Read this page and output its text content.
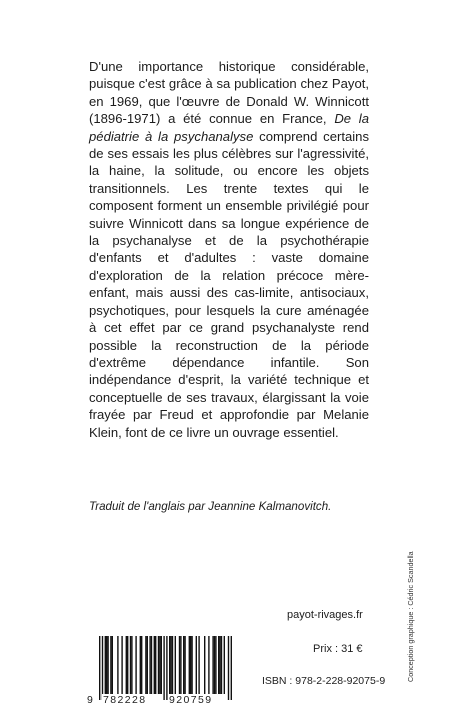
D'une importance historique considérable, puisque c'est grâce à sa publication chez Payot, en 1969, que l'œuvre de Donald W. Winnicott (1896-1971) a été connue en France, De la pédiatrie à la psychanalyse comprend certains de ses essais les plus célèbres sur l'agressivité, la haine, la solitude, ou encore les objets transitionnels. Les trente textes qui le composent forment un ensemble privilégié pour suivre Winnicott dans sa longue expérience de la psychanalyse et de la psychothérapie d'enfants et d'adultes : vaste domaine d'exploration de la relation précoce mère-enfant, mais aussi des cas-limite, antisociaux, psychotiques, pour lesquels la cure aménagée à cet effet par ce grand psychanalyste rend possible la reconstruction de la période d'extrême dépendance infantile. Son indépendance d'esprit, la variété technique et conceptuelle de ses travaux, élargissant la voie frayée par Freud et approfondie par Melanie Klein, font de ce livre un ouvrage essentiel.

Traduit de l'anglais par Jeannine Kalmanovitch.

Conception graphique : Cédric Scandella
payot-rivages.fr
Prix : 31 €
ISBN : 978-2-228-92075-9
9 782228 920759
